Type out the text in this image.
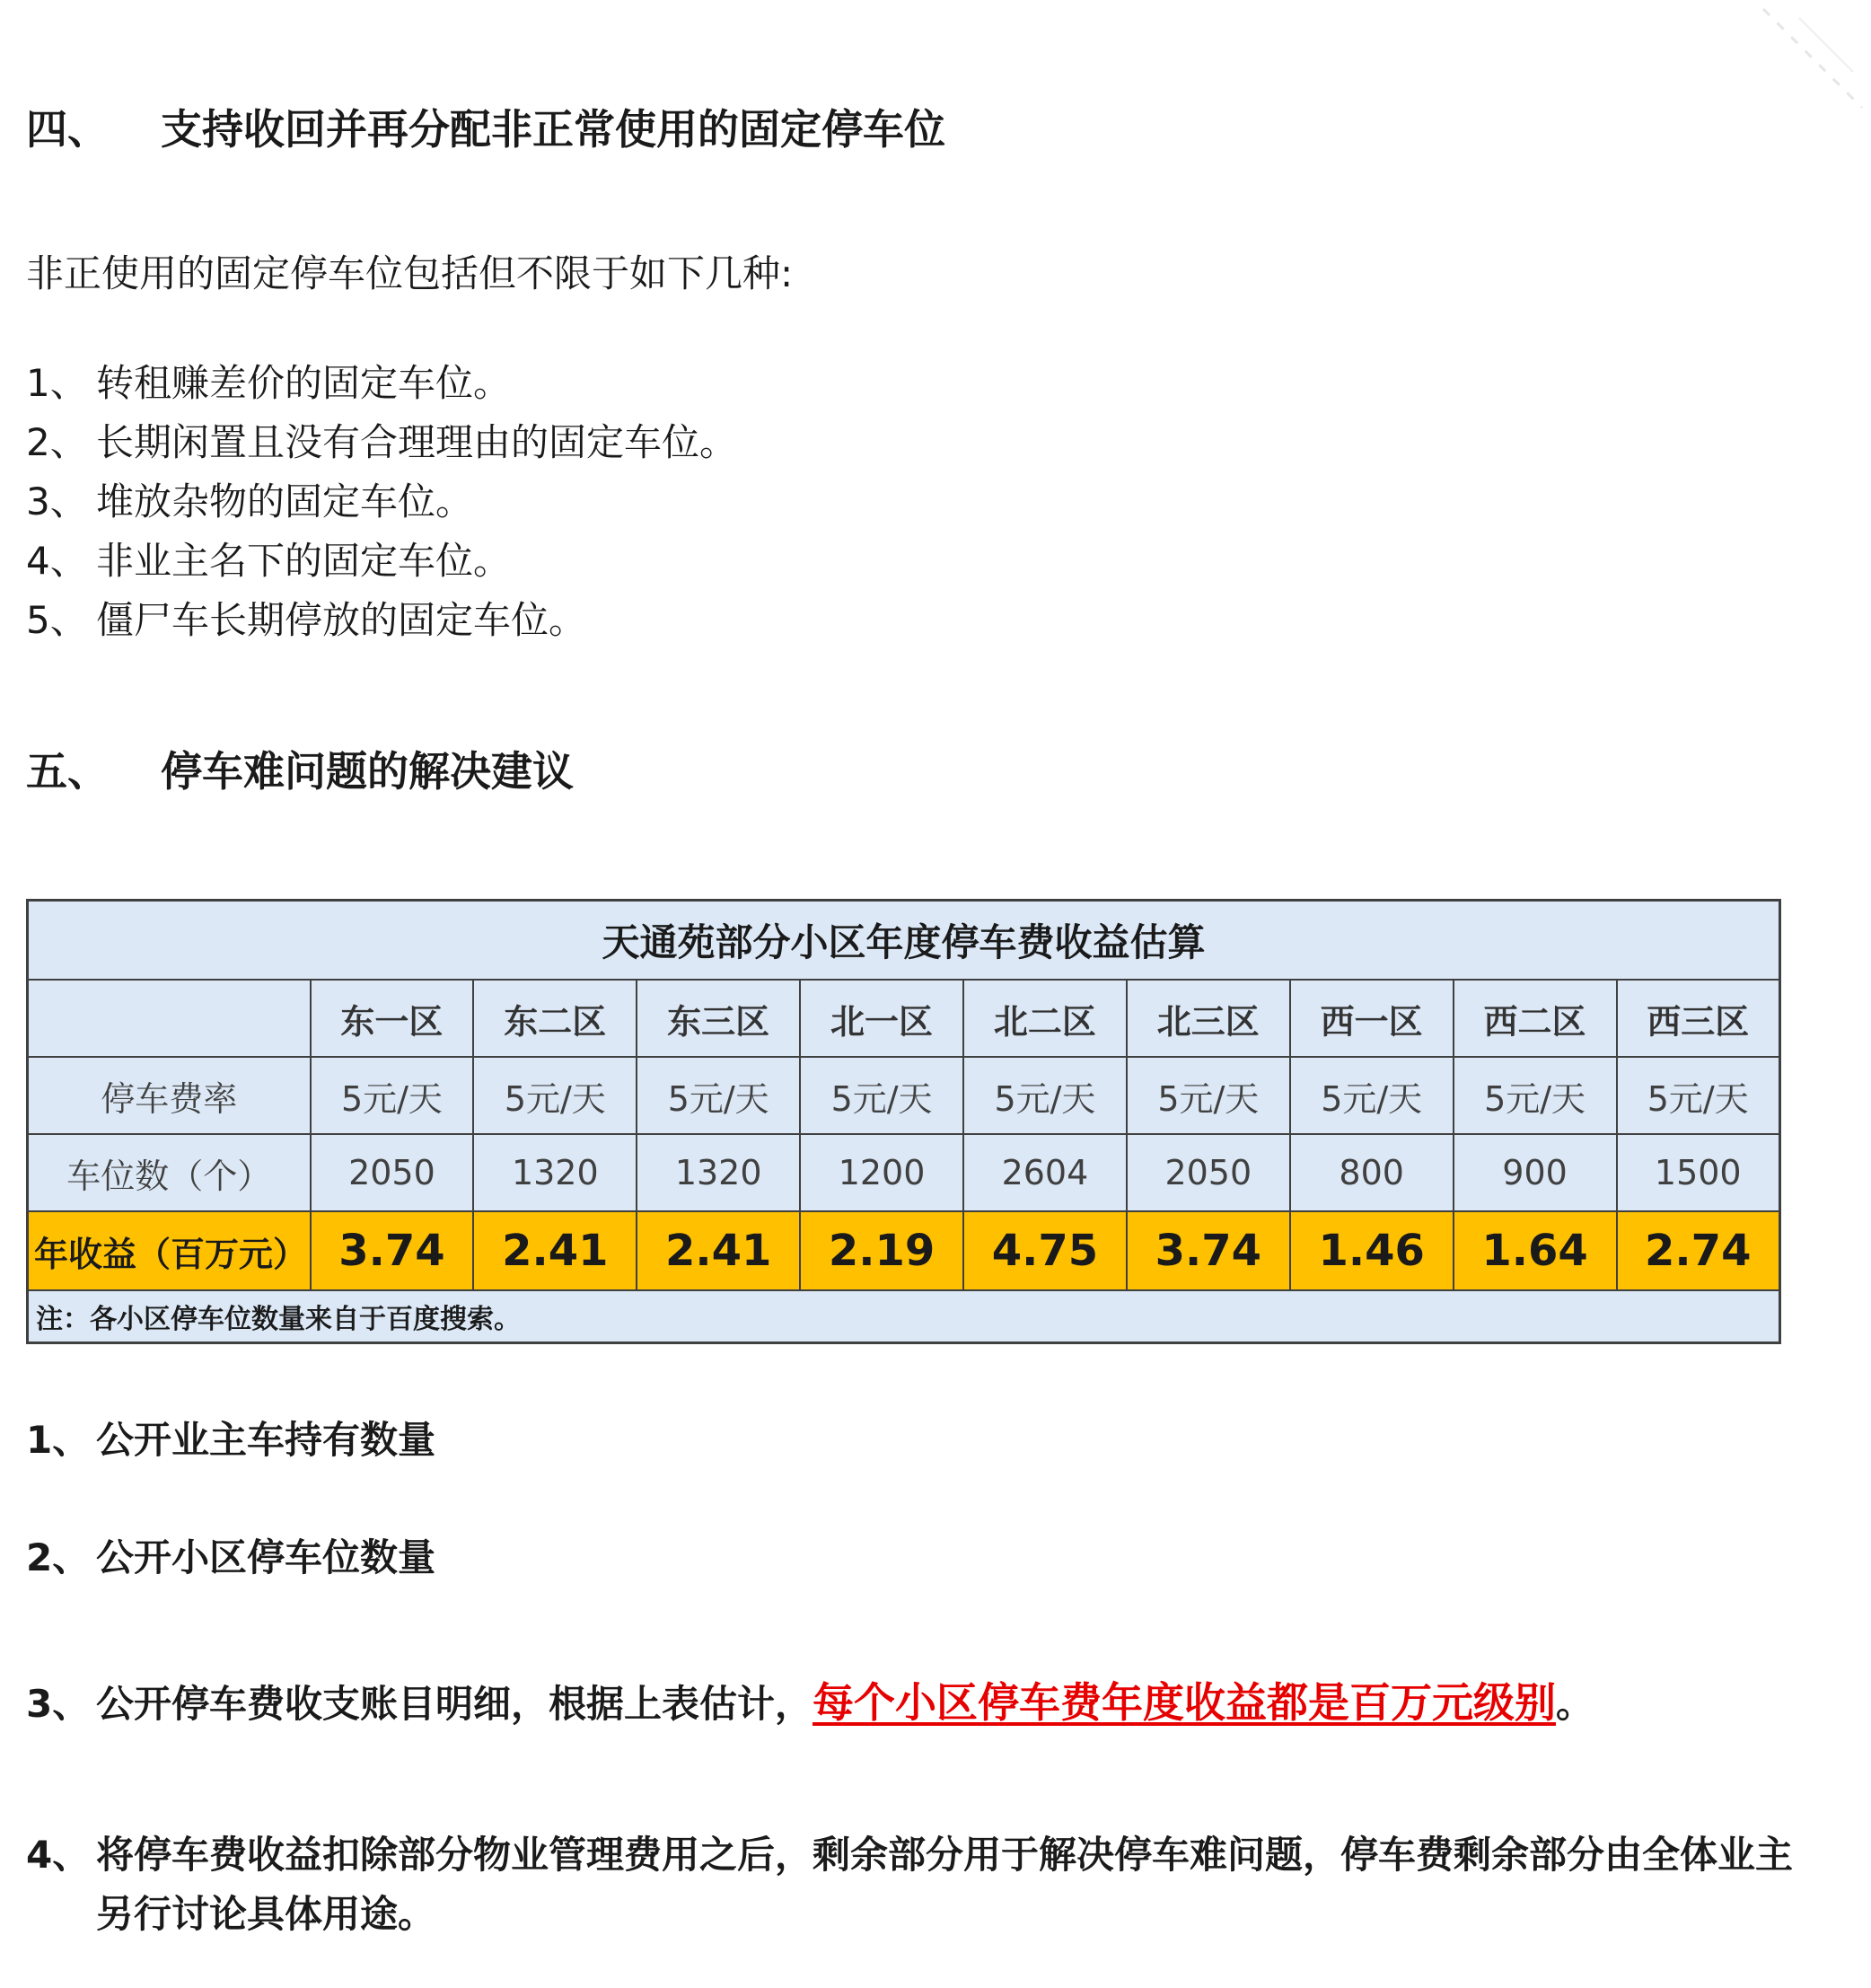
四、 支持收回并再分配非正常使用的固定停车位
非正使用的固定停车位包括但不限于如下几种:
1、 转租赚差价的固定车位。
2、 长期闲置且没有合理理由的固定车位。
3、 堆放杂物的固定车位。
4、 非业主名下的固定车位。
5、 僵尸车长期停放的固定车位。
五、 停车难问题的解决建议
天通苑部分小区年度停车费收益估算									
	东一区	东二区	东三区	北一区	北二区	北三区	西一区	西二区	西三区
停车费率	5元/天	5元/天	5元/天	5元/天	5元/天	5元/天	5元/天	5元/天	5元/天
车位数（个）	2050	1320	1320	1200	2604	2050	800	900	1500
年收益（百万元）	3.74	2.41	2.41	2.19	4.75	3.74	1.46	1.64	2.74
注：各小区停车位数量来自于百度搜索。									
1、 公开业主车持有数量
2、 公开小区停车位数量
3、 公开停车费收支账目明细，根据上表估计，每个小区停车费年度收益都是百万元级别。
4、 将停车费收益扣除部分物业管理费用之后，剩余部分用于解决停车难问题，停车费剩余部分由全体业主
另行讨论具体用途。
